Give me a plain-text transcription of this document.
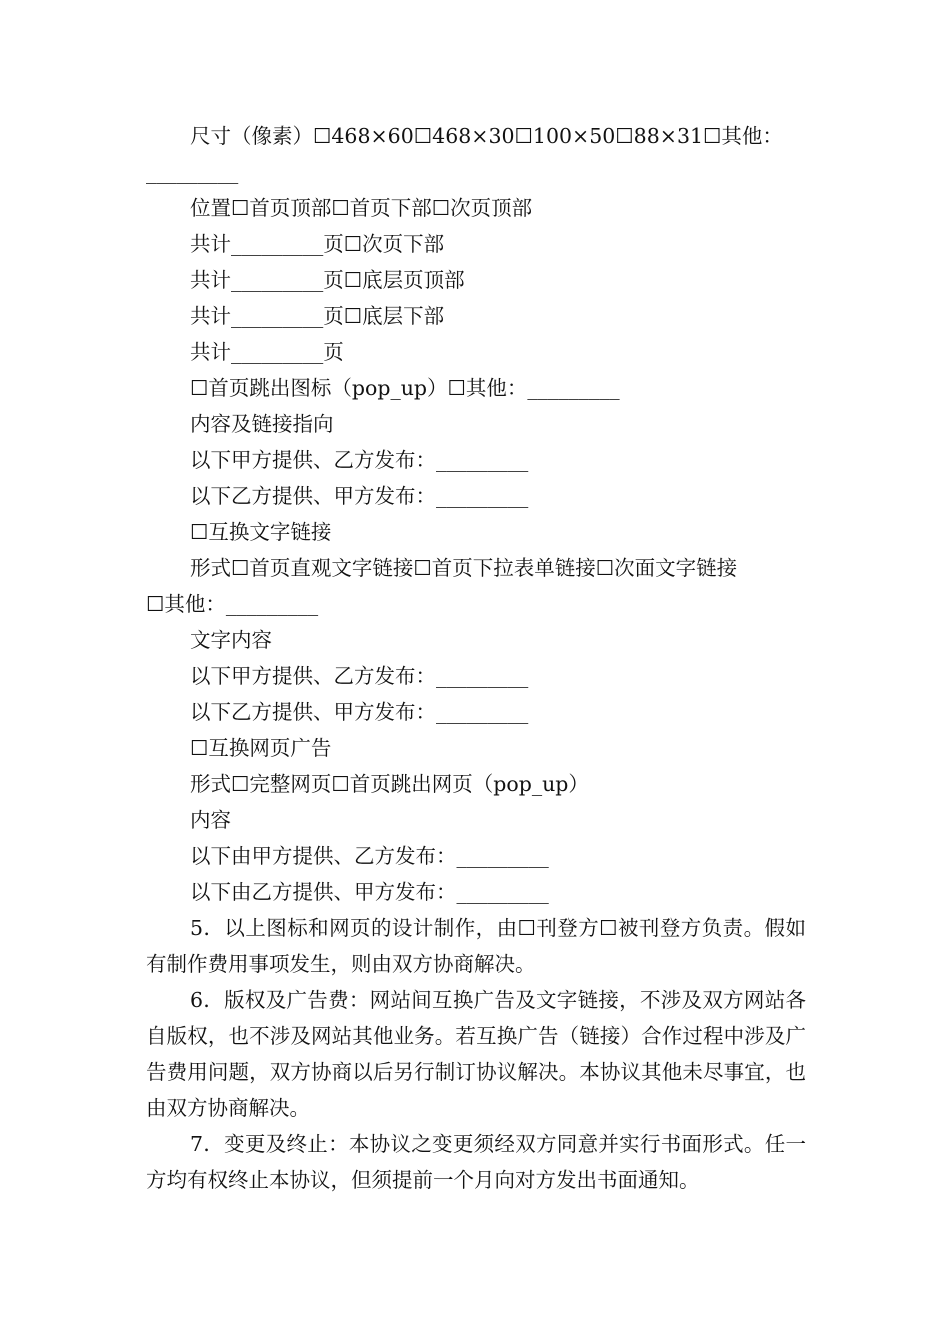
尺寸（像素）☐468×60☐468×30☐100×50☐88×31☐其他：

_________

位置☐首页顶部☐首页下部☐次页顶部

共计_________页☐次页下部

共计_________页☐底层页顶部

共计_________页☐底层下部

共计_________页

☐首页跳出图标（pop_up）☐其他：_________

内容及链接指向

以下甲方提供、乙方发布：_________

以下乙方提供、甲方发布：_________

☐互换文字链接

形式☐首页直观文字链接☐首页下拉表单链接☐次面文字链接

☐其他：_________

文字内容

以下甲方提供、乙方发布：_________

以下乙方提供、甲方发布：_________

☐互换网页广告

形式☐完整网页☐首页跳出网页（pop_up）

内容

以下由甲方提供、乙方发布：_________

以下由乙方提供、甲方发布：_________

5．以上图标和网页的设计制作，由☐刊登方☐被刊登方负责。假如有制作费用事项发生，则由双方协商解决。

6．版权及广告费：网站间互换广告及文字链接，不涉及双方网站各自版权，也不涉及网站其他业务。若互换广告（链接）合作过程中涉及广告费用问题，双方协商以后另行制订协议解决。本协议其他未尽事宜，也由双方协商解决。

7．变更及终止：本协议之变更须经双方同意并实行书面形式。任一方均有权终止本协议，但须提前一个月向对方发出书面通知。
